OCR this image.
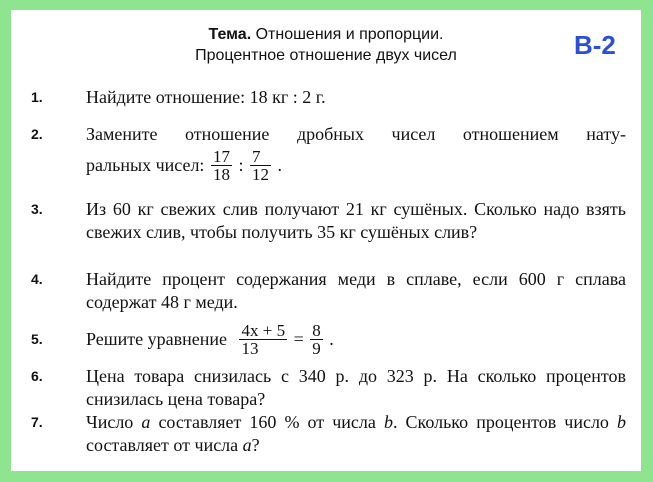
Тема. Отношения и пропорции.
Процентное отношение двух чисел	В-2
1. Найдите отношение: 18 кг : 2 г.
2. Замените отношение дробных чисел отношением нату-
ральных чисел: $\frac{17}{18}$ : $\frac{7}{12}$ .
3. Из 60 кг свежих слив получают 21 кг сушёных. Сколько надо взять свежих слив, чтобы получить 35 кг сушёных слив?
4. Найдите процент содержания меди в сплаве, если 600 г сплава содержат 48 г меди.
5. Решите уравнение $\frac{4x + 5}{13} = \frac{8}{9}$ .
6. Цена товара снизилась с 340 р. до 323 р. На сколько процентов снизилась цена товара?
7. Число a составляет 160 % от числа b. Сколько процентов число b составляет от числа a?
